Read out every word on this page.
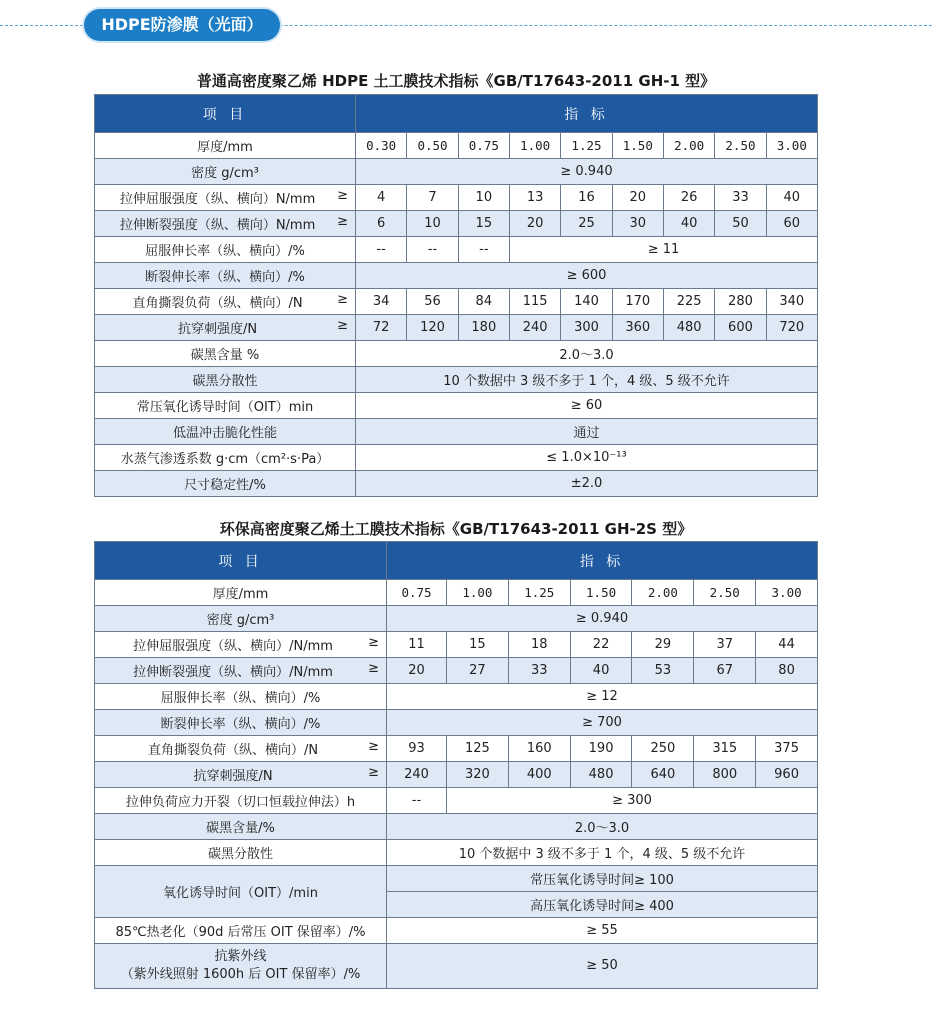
HDPE防渗膜（光面）
普通高密度聚乙烯 HDPE 土工膜技术指标《GB/T17643-2011 GH-1 型》
项 目	指 标								
厚度/mm	0.30	0.50	0.75	1.00	1.25	1.50	2.00	2.50	3.00
密度 g/cm³	≥ 0.940								
拉伸屈服强度（纵、横向）N/mm ≥	4	7	10	13	16	20	26	33	40
拉伸断裂强度（纵、横向）N/mm ≥	6	10	15	20	25	30	40	50	60
屈服伸长率（纵、横向）/%	--	--	--	≥ 11					
断裂伸长率（纵、横向）/%	≥ 600								
直角撕裂负荷（纵、横向）/N ≥	34	56	84	115	140	170	225	280	340
抗穿刺强度/N ≥	72	120	180	240	300	360	480	600	720
碳黑含量 %	2.0～3.0								
碳黑分散性	10 个数据中 3 级不多于 1 个，4 级、5 级不允许								
常压氧化诱导时间（OIT）min	≥ 60								
低温冲击脆化性能	通过								
水蒸气渗透系数 g·cm（cm²·s·Pa）	≤ 1.0×10⁻¹³								
尺寸稳定性/%	±2.0								
环保高密度聚乙烯土工膜技术指标《GB/T17643-2011 GH-2S 型》
项 目	指 标						
厚度/mm	0.75	1.00	1.25	1.50	2.00	2.50	3.00
密度 g/cm³	≥ 0.940						
拉伸屈服强度（纵、横向）/N/mm ≥	11	15	18	22	29	37	44
拉伸断裂强度（纵、横向）/N/mm ≥	20	27	33	40	53	67	80
屈服伸长率（纵、横向）/%	≥ 12						
断裂伸长率（纵、横向）/%	≥ 700						
直角撕裂负荷（纵、横向）/N ≥	93	125	160	190	250	315	375
抗穿刺强度/N ≥	240	320	400	480	640	800	960
拉伸负荷应力开裂（切口恒载拉伸法）h	--	≥ 300					
碳黑含量/%	2.0～3.0						
碳黑分散性	10 个数据中 3 级不多于 1 个，4 级、5 级不允许						
氧化诱导时间（OIT）/min	常压氧化诱导时间≥ 100						
	高压氧化诱导时间≥ 400						
85℃热老化（90d 后常压 OIT 保留率）/%	≥ 55						
抗紫外线
（紫外线照射 1600h 后 OIT 保留率）/%	≥ 50						
